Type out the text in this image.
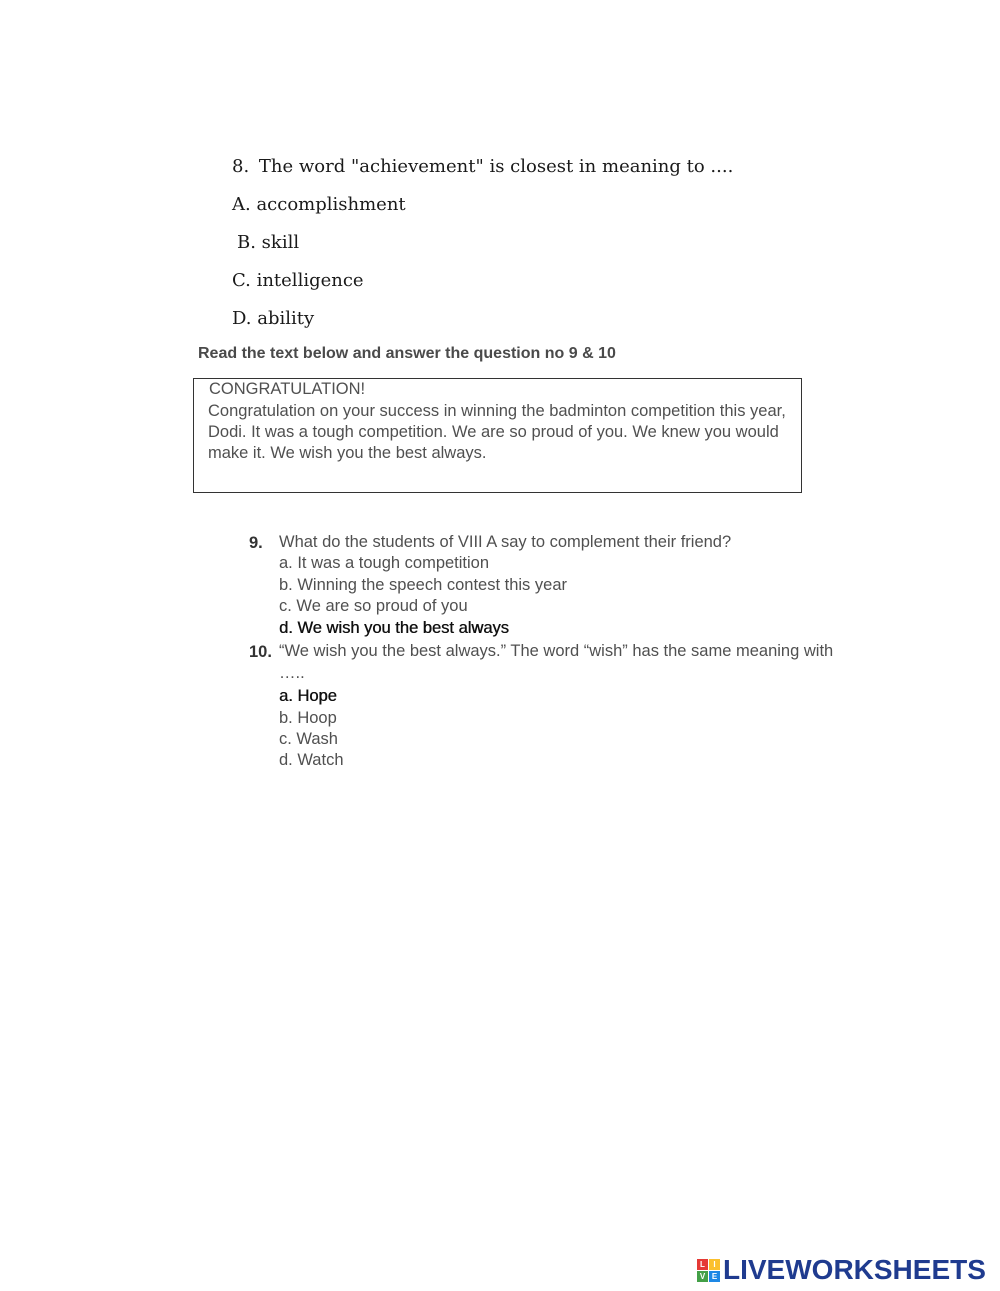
8. The word "achievement" is closest in meaning to ....
A. accomplishment
B. skill
C. intelligence
D. ability
Read the text below and answer the question no 9 & 10
CONGRATULATION!
Congratulation on your success in winning the badminton competition this year, Dodi. It was a tough competition. We are so proud of you. We knew you would make it. We wish you the best always.
9. What do the students of VIII A say to complement their friend?
a. It was a tough competition
b. Winning the speech contest this year
c. We are so proud of you
d. We wish you the best always
10. “We wish you the best always.” The word “wish” has the same meaning with
…..
a. Hope
b. Hoop
c. Wash
d. Watch
L	I
V E LIVEWORKSHEETS
